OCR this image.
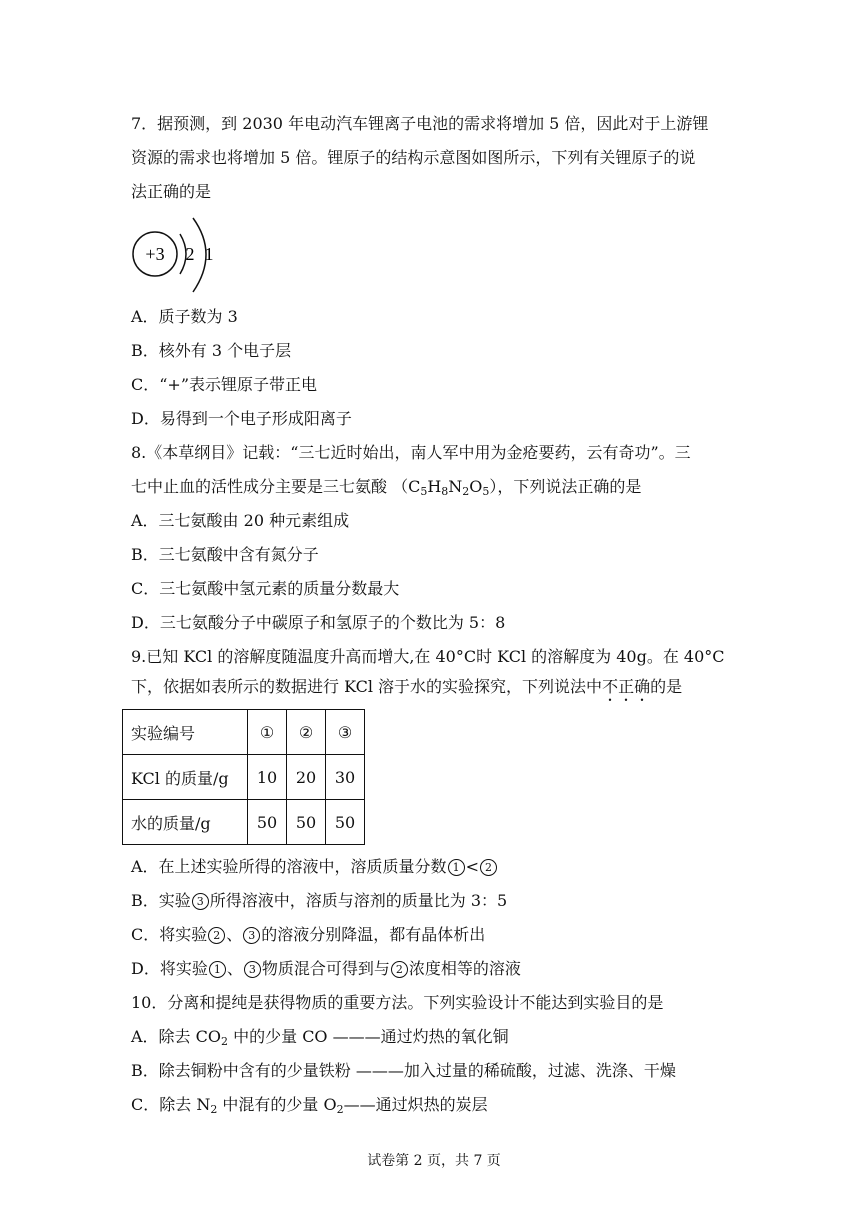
7．据预测，到 2030 年电动汽车锂离子电池的需求将增加 5 倍，因此对于上游锂
资源的需求也将增加 5 倍。锂原子的结构示意图如图所示，下列有关锂原子的说
法正确的是
+3 2 1
A．质子数为 3
B．核外有 3 个电子层
C．“+”表示锂原子带正电
D．易得到一个电子形成阳离子
8.《本草纲目》记载：“三七近时始出，南人军中用为金疮要药，云有奇功”。三
七中止血的活性成分主要是三七氨酸 $(C_5H_8N_2O_5)$，下列说法正确的是
A．三七氨酸由 20 种元素组成
B．三七氨酸中含有氮分子
C．三七氨酸中氢元素的质量分数最大
D．三七氨酸分子中碳原子和氢原子的个数比为 5：8
9.已知 KCl 的溶解度随温度升高而增大,在 40°C时 KCl 的溶解度为 40g。在 40°C
下，依据如表所示的数据进行 KCl 溶于水的实验探究，下列说法中不正确的是
实验编号	①	②	③
KCl 的质量/g	10	20	30
水的质量/g	50	50	50
A．在上述实验所得的溶液中，溶质质量分数 1 < 2
B．实验 3 所得溶液中，溶质与溶剂的质量比为 3：5
C．将实验 2 、 3 的溶液分别降温，都有晶体析出
D．将实验 1 、 3 物质混合可得到与 2 浓度相等的溶液
10．分离和提纯是获得物质的重要方法。下列实验设计不能达到实验目的是
A．除去 $CO_2$ 中的少量 CO ———通过灼热的氧化铜
B．除去铜粉中含有的少量铁粉 ———加入过量的稀硫酸，过滤、洗涤、干燥
C．除去 $N_2$ 中混有的少量 $O_2——$通过炽热的炭层
试卷第 2 页，共 7 页
